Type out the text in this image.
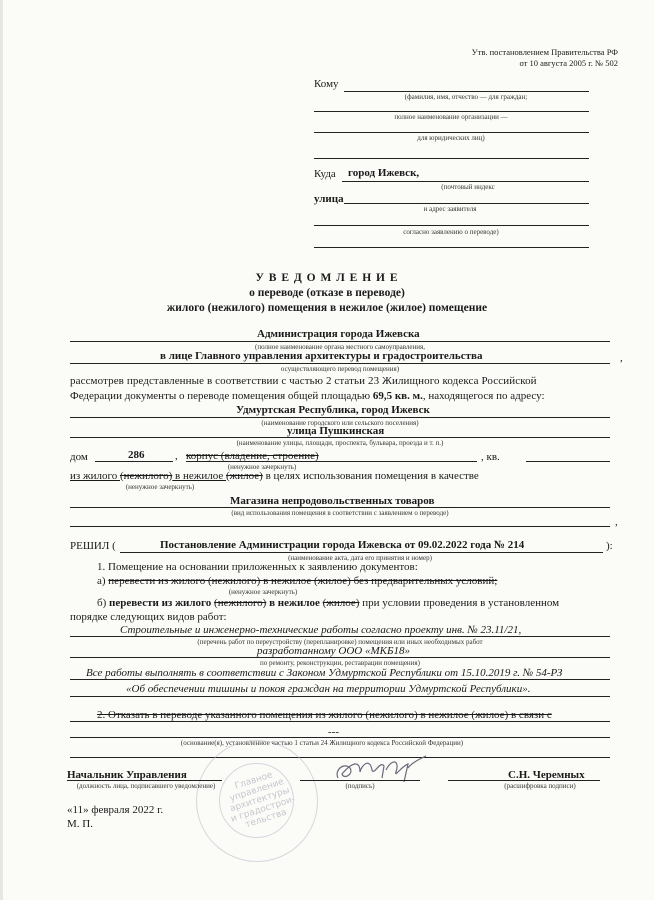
Утв. постановлением Правительства РФ
от 10 августа 2005 г. № 502
Кому
(фамилия, имя, отчество — для граждан;
полное наименование организации —
для юридических лиц)
Куда город Ижевск,
(почтовый индекс
улица
и адрес заявителя
согласно заявлению о переводе)
У В Е Д О М Л Е Н И Е
о переводе (отказе в переводе)
жилого (нежилого) помещения в нежилое (жилое) помещение
Администрация города Ижевска
(полное наименование органа местного самоуправления,
в лице Главного управления архитектуры и градостроительства	,
осуществляющего перевод помещения)
рассмотрев представленные в соответствии с частью 2 статьи 23 Жилищного кодекса Российской
Федерации документы о переводе помещения общей площадью 69,5 кв. м., находящегося по адресу:
Удмуртская Республика, город Ижевск
(наименование городского или сельского поселения)
улица Пушкинская
(наименование улицы, площади, проспекта, бульвара, проезда и т. п.)
дом	286	, корпус (владение, строение)	, кв.
(ненужное зачеркнуть)
из жилого (нежилого) в нежилое (жилое) в целях использования помещения в качестве
(ненужное зачеркнуть)
Магазина непродовольственных товаров
(вид использования помещения в соответствии с заявлением о переводе)
,
РЕШИЛ (	Постановление Администрации города Ижевска от 09.02.2022 года № 214	):
(наименование акта, дата его принятия и номер)
1. Помещение на основании приложенных к заявлению документов:
а) перевести из жилого (нежилого) в нежилое (жилое) без предварительных условий;
(ненужное зачеркнуть)
б) перевести из жилого (нежилого) в нежилое (жилое) при условии проведения в установленном
порядке следующих видов работ:
Строительные и инженерно-технические работы согласно проекту инв. № 23.11/21,
(перечень работ по переустройству (перепланировке) помещения или иных необходимых работ
разработанному ООО «МКБ18»
по ремонту, реконструкции, реставрации помещения)
Все работы выполнять в соответствии с Законом Удмуртской Республики от 15.10.2019 г. № 54-РЗ
«Об обеспечении тишины и покоя граждан на территории Удмуртской Республики».
2. Отказать в переводе указанного помещения из жилого (нежилого) в нежилое (жилое) в связи с
---
(основание(я), установленное частью 1 статьи 24 Жилищного кодекса Российской Федерации)
Главное управление архитектуры и градострои- тельства
Начальник Управления
(должность лица, подписавшего уведомление)	(подпись)
С.Н. Черемных
(расшифровка подписи)
«11» февраля 2022 г.
М. П.
